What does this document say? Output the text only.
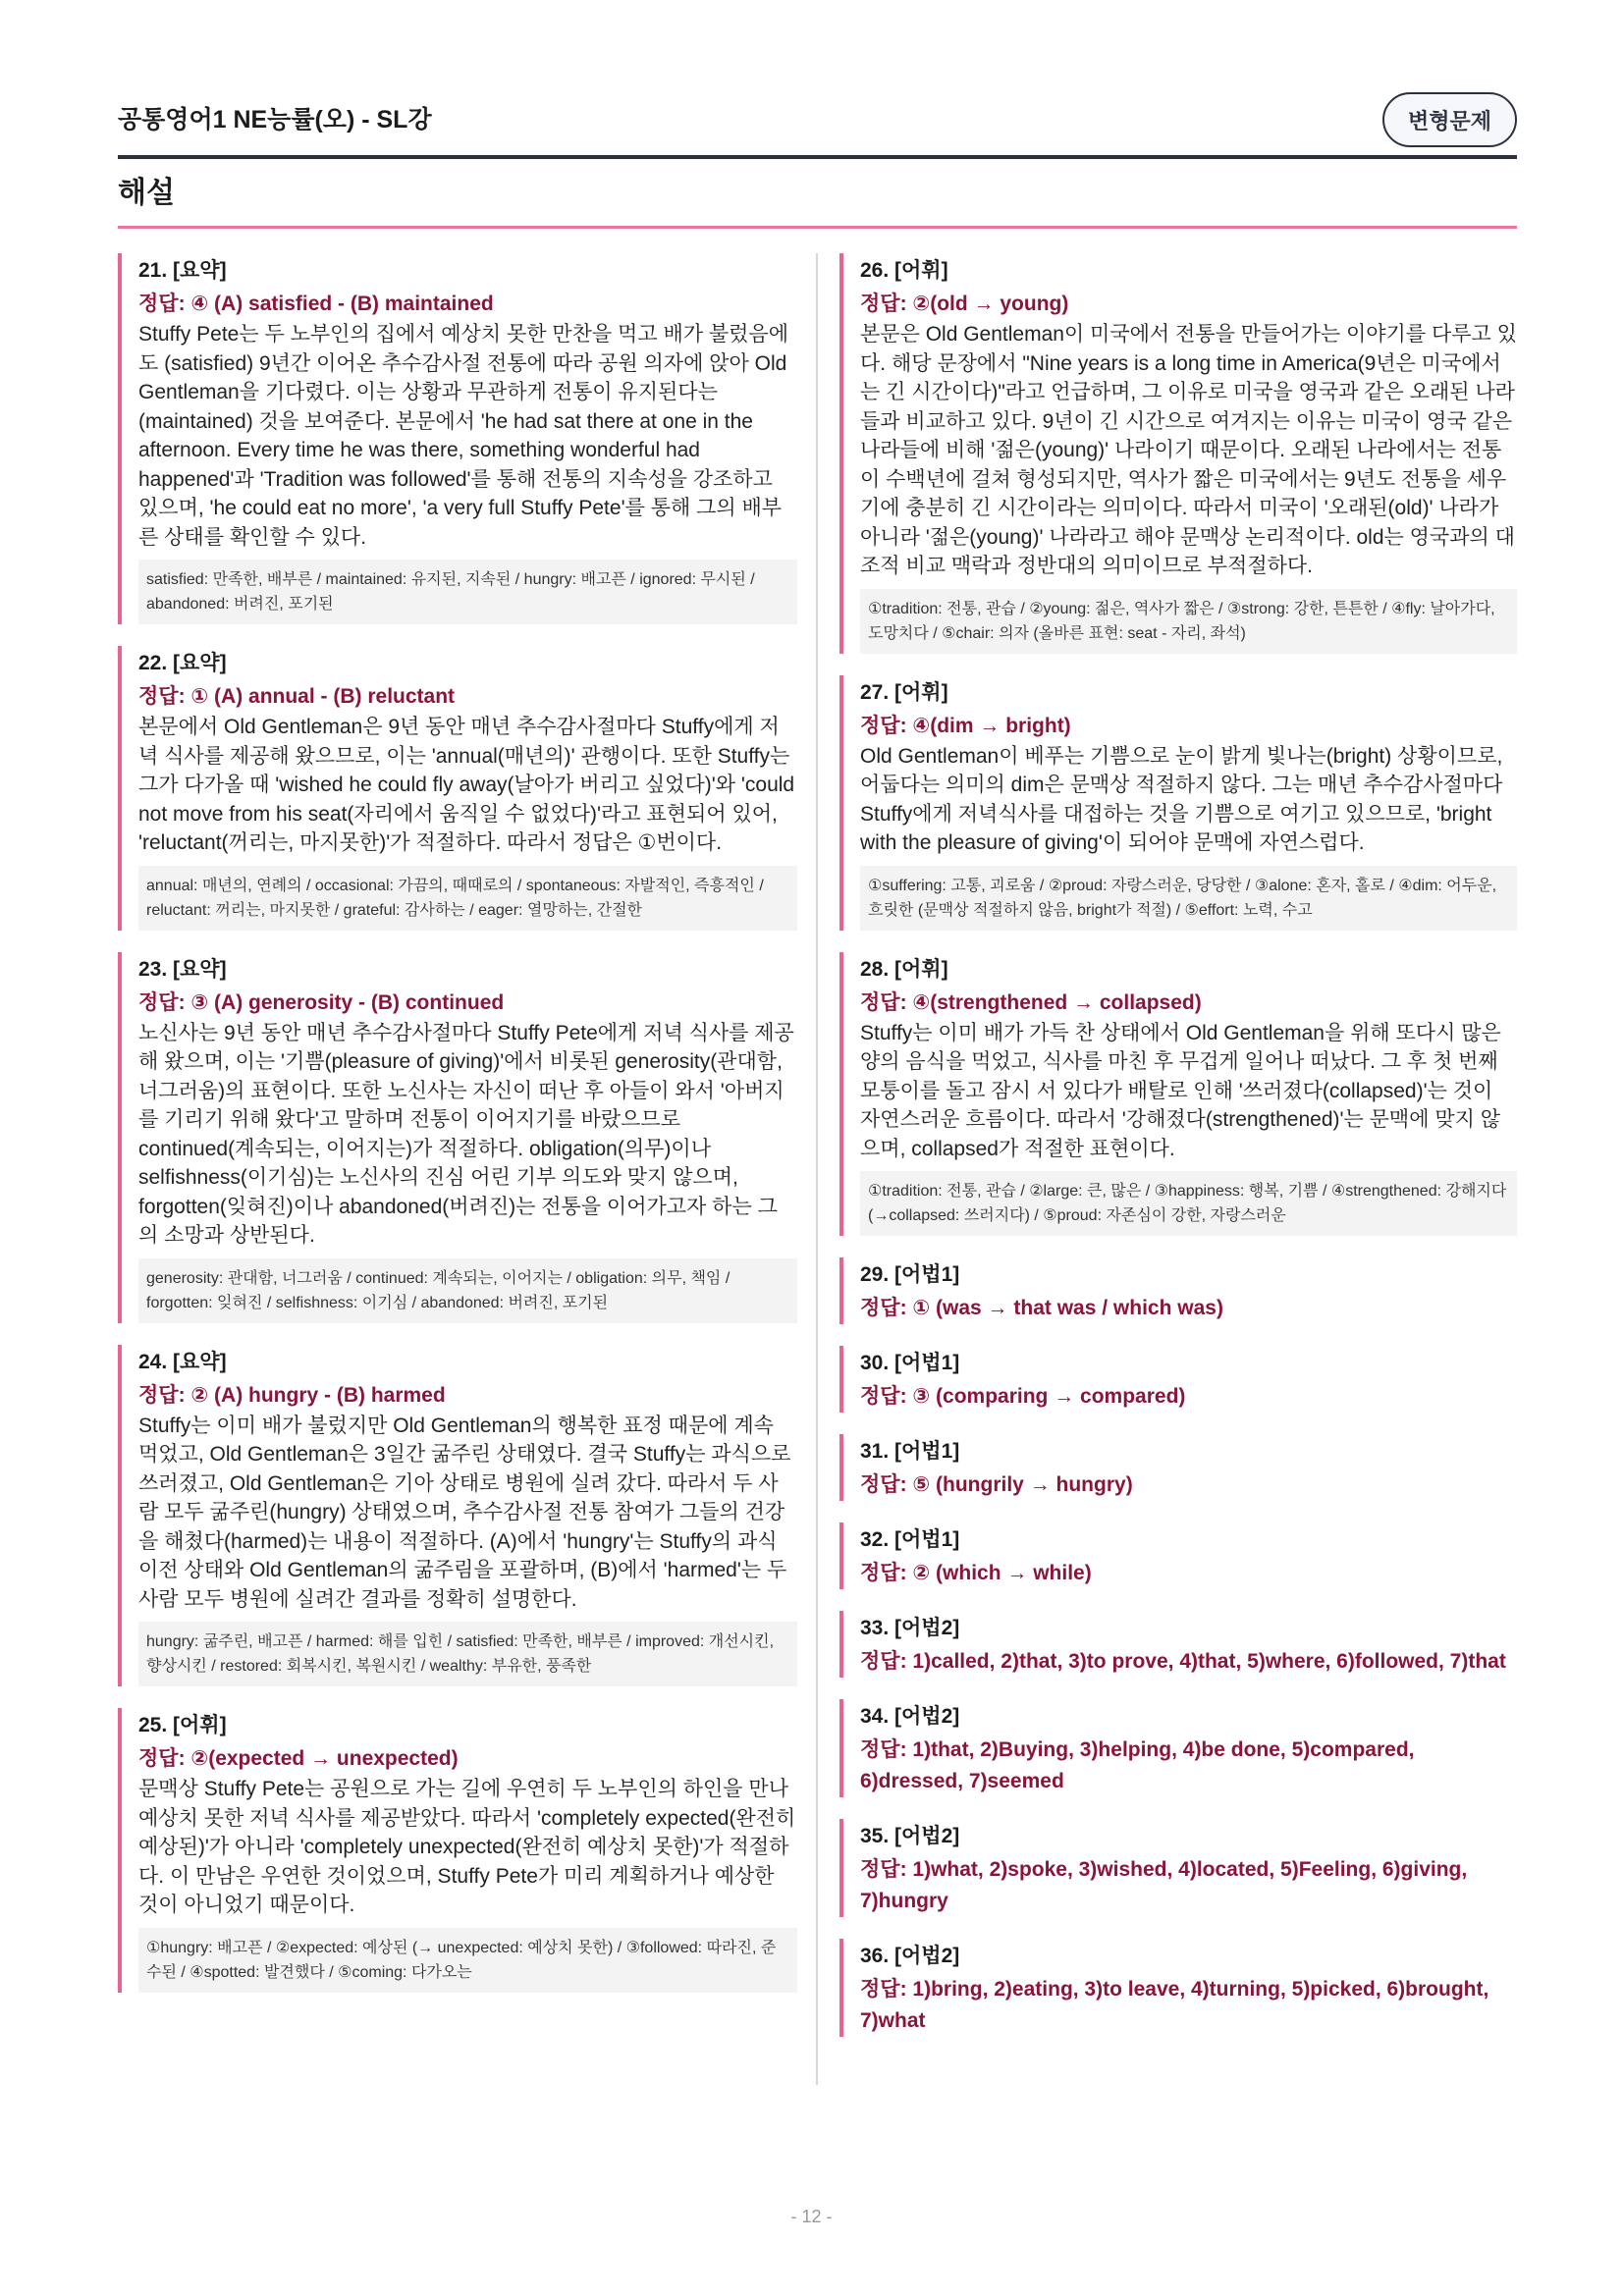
공통영어1 NE능률(오) - SL강	변형문제
해설
21. [요약]
정답: ④ (A) satisfied - (B) maintained

Stuffy Pete는 두 노부인의 집에서 예상치 못한 만찬을 먹고 배가 불렀음에도 (satisfied) 9년간 이어온 추수감사절 전통에 따라 공원 의자에 앉아 Old Gentleman을 기다렸다. 이는 상황과 무관하게 전통이 유지된다는 (maintained) 것을 보여준다. 본문에서 'he had sat there at one in the afternoon. Every time he was there, something wonderful had happened'과 'Tradition was followed'를 통해 전통의 지속성을 강조하고 있으며, 'he could eat no more', 'a very full Stuffy Pete'를 통해 그의 배부른 상태를 확인할 수 있다.

satisfied: 만족한, 배부른 / maintained: 유지된, 지속된 / hungry: 배고픈 / ignored: 무시된 / abandoned: 버려진, 포기된
22. [요약]
정답: ① (A) annual - (B) reluctant

본문에서 Old Gentleman은 9년 동안 매년 추수감사절마다 Stuffy에게 저녁 식사를 제공해 왔으므로, 이는 'annual(매년의)' 관행이다. 또한 Stuffy는 그가 다가올 때 'wished he could fly away(날아가 버리고 싶었다)'와 'could not move from his seat(자리에서 움직일 수 없었다)'라고 표현되어 있어, 'reluctant(꺼리는, 마지못한)'가 적절하다. 따라서 정답은 ①번이다.

annual: 매년의, 연례의 / occasional: 가끔의, 때때로의 / spontaneous: 자발적인, 즉흥적인 / reluctant: 꺼리는, 마지못한 / grateful: 감사하는 / eager: 열망하는, 간절한
23. [요약]
정답: ③ (A) generosity - (B) continued

노신사는 9년 동안 매년 추수감사절마다 Stuffy Pete에게 저녁 식사를 제공해 왔으며, 이는 '기쁨(pleasure of giving)'에서 비롯된 generosity(관대함, 너그러움)의 표현이다. 또한 노신사는 자신이 떠난 후 아들이 와서 '아버지를 기리기 위해 왔다'고 말하며 전통이 이어지기를 바랐으므로 continued(계속되는, 이어지는)가 적절하다. obligation(의무)이나 selfishness(이기심)는 노신사의 진심 어린 기부 의도와 맞지 않으며, forgotten(잊혀진)이나 abandoned(버려진)는 전통을 이어가고자 하는 그의 소망과 상반된다.

generosity: 관대함, 너그러움 / continued: 계속되는, 이어지는 / obligation: 의무, 책임 / forgotten: 잊혀진 / selfishness: 이기심 / abandoned: 버려진, 포기된
24. [요약]
정답: ② (A) hungry - (B) harmed

Stuffy는 이미 배가 불렀지만 Old Gentleman의 행복한 표정 때문에 계속 먹었고, Old Gentleman은 3일간 굶주린 상태였다. 결국 Stuffy는 과식으로 쓰러졌고, Old Gentleman은 기아 상태로 병원에 실려 갔다. 따라서 두 사람 모두 굶주린(hungry) 상태였으며, 추수감사절 전통 참여가 그들의 건강을 해쳤다(harmed)는 내용이 적절하다. (A)에서 'hungry'는 Stuffy의 과식 이전 상태와 Old Gentleman의 굶주림을 포괄하며, (B)에서 'harmed'는 두 사람 모두 병원에 실려간 결과를 정확히 설명한다.

hungry: 굶주린, 배고픈 / harmed: 해를 입힌 / satisfied: 만족한, 배부른 / improved: 개선시킨, 향상시킨 / restored: 회복시킨, 복원시킨 / wealthy: 부유한, 풍족한
25. [어휘]
정답: ②(expected → unexpected)

문맥상 Stuffy Pete는 공원으로 가는 길에 우연히 두 노부인의 하인을 만나 예상치 못한 저녁 식사를 제공받았다. 따라서 'completely expected(완전히 예상된)'가 아니라 'completely unexpected(완전히 예상치 못한)'가 적절하다. 이 만남은 우연한 것이었으며, Stuffy Pete가 미리 계획하거나 예상한 것이 아니었기 때문이다.

①hungry: 배고픈 / ②expected: 예상된 (→ unexpected: 예상치 못한) / ③followed: 따라진, 준수된 / ④spotted: 발견했다 / ⑤coming: 다가오는
26. [어휘]
정답: ②(old → young)

본문은 Old Gentleman이 미국에서 전통을 만들어가는 이야기를 다루고 있다. 해당 문장에서 "Nine years is a long time in America(9년은 미국에서는 긴 시간이다)"라고 언급하며, 그 이유로 미국을 영국과 같은 오래된 나라들과 비교하고 있다. 9년이 긴 시간으로 여겨지는 이유는 미국이 영국 같은 나라들에 비해 '젊은(young)' 나라이기 때문이다. 오래된 나라에서는 전통이 수백년에 걸쳐 형성되지만, 역사가 짧은 미국에서는 9년도 전통을 세우기에 충분히 긴 시간이라는 의미이다. 따라서 미국이 '오래된(old)' 나라가 아니라 '젊은(young)' 나라라고 해야 문맥상 논리적이다. old는 영국과의 대조적 비교 맥락과 정반대의 의미이므로 부적절하다.

①tradition: 전통, 관습 / ②young: 젊은, 역사가 짧은 / ③strong: 강한, 튼튼한 / ④fly: 날아가다, 도망치다 / ⑤chair: 의자 (올바른 표현: seat - 자리, 좌석)
27. [어휘]
정답: ④(dim → bright)

Old Gentleman이 베푸는 기쁨으로 눈이 밝게 빛나는(bright) 상황이므로, 어둡다는 의미의 dim은 문맥상 적절하지 않다. 그는 매년 추수감사절마다 Stuffy에게 저녁식사를 대접하는 것을 기쁨으로 여기고 있으므로, 'bright with the pleasure of giving'이 되어야 문맥에 자연스럽다.

①suffering: 고통, 괴로움 / ②proud: 자랑스러운, 당당한 / ③alone: 혼자, 홀로 / ④dim: 어두운, 흐릿한 (문맥상 적절하지 않음, bright가 적절) / ⑤effort: 노력, 수고
28. [어휘]
정답: ④(strengthened → collapsed)

Stuffy는 이미 배가 가득 찬 상태에서 Old Gentleman을 위해 또다시 많은 양의 음식을 먹었고, 식사를 마친 후 무겁게 일어나 떠났다. 그 후 첫 번째 모퉁이를 돌고 잠시 서 있다가 배탈로 인해 '쓰러졌다(collapsed)'는 것이 자연스러운 흐름이다. 따라서 '강해졌다(strengthened)'는 문맥에 맞지 않으며, collapsed가 적절한 표현이다.

①tradition: 전통, 관습 / ②large: 큰, 많은 / ③happiness: 행복, 기쁨 / ④strengthened: 강해지다 (→collapsed: 쓰러지다) / ⑤proud: 자존심이 강한, 자랑스러운
29. [어법1]
정답: ① (was → that was / which was)
30. [어법1]
정답: ③ (comparing → compared)
31. [어법1]
정답: ⑤ (hungrily → hungry)
32. [어법1]
정답: ② (which → while)
33. [어법2]
정답: 1)called, 2)that, 3)to prove, 4)that, 5)where, 6)followed, 7)that
34. [어법2]
정답: 1)that, 2)Buying, 3)helping, 4)be done, 5)compared, 6)dressed, 7)seemed
35. [어법2]
정답: 1)what, 2)spoke, 3)wished, 4)located, 5)Feeling, 6)giving, 7)hungry
36. [어법2]
정답: 1)bring, 2)eating, 3)to leave, 4)turning, 5)picked, 6)brought, 7)what
- 12 -
